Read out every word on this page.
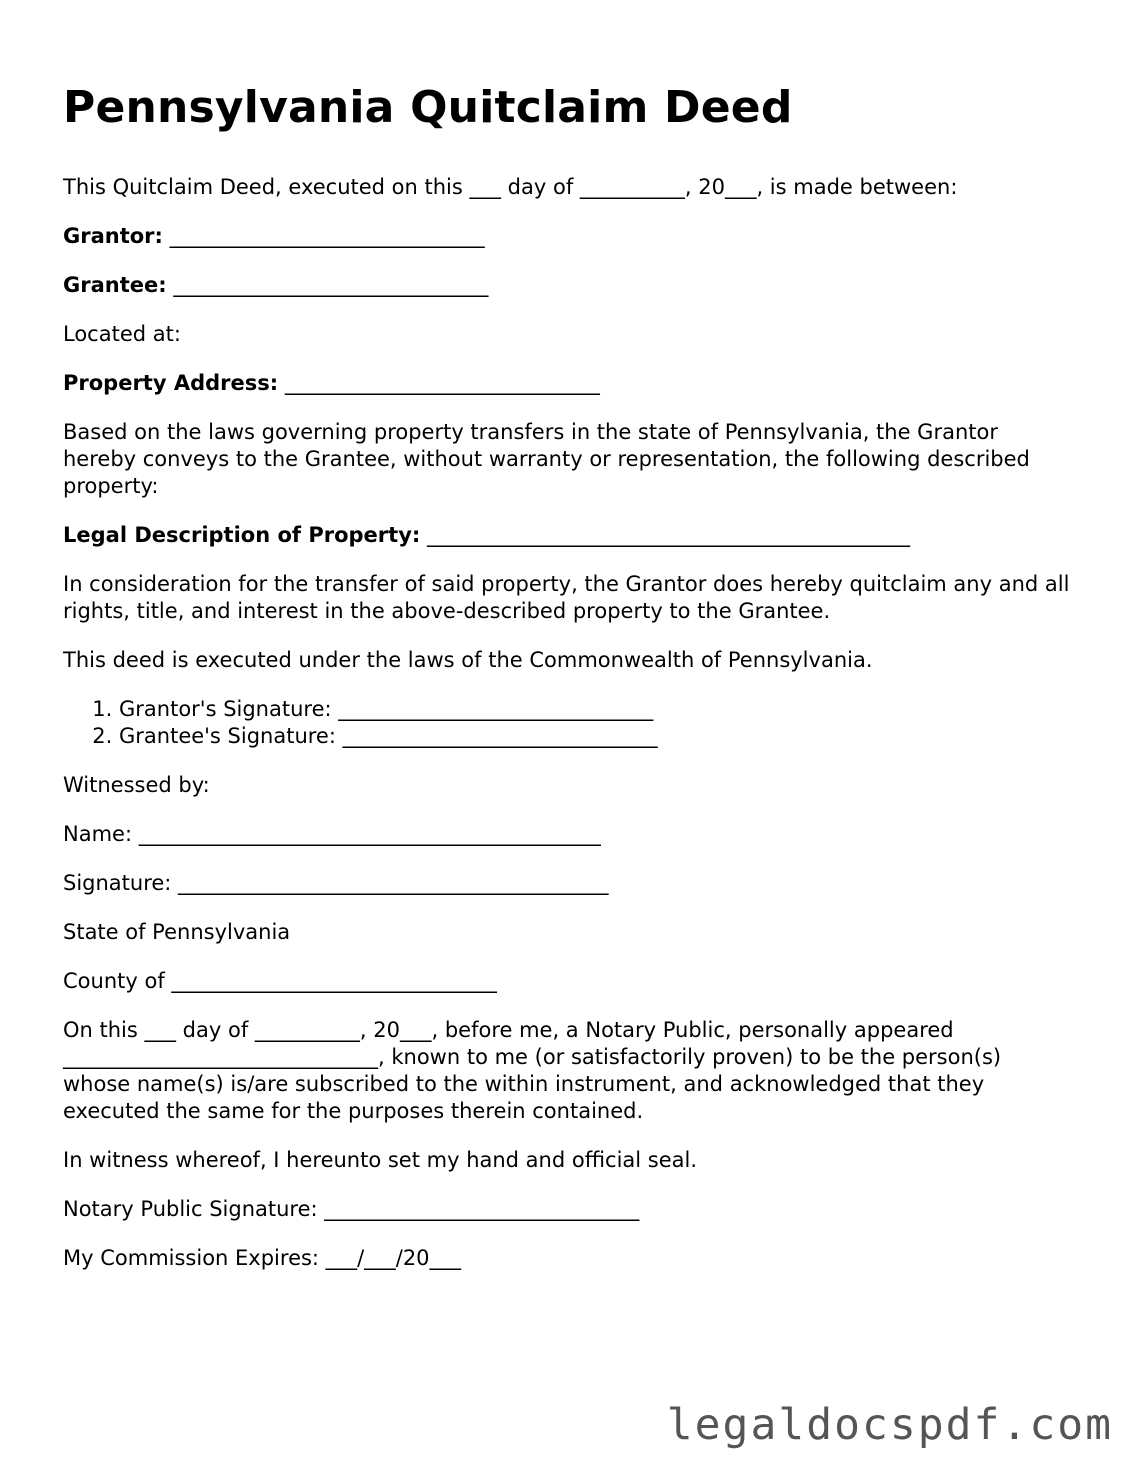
Pennsylvania Quitclaim Deed

This Quitclaim Deed, executed on this ___ day of __________, 20___, is made between:

Grantor: ______________________________

Grantee: ______________________________

Located at:

Property Address: ______________________________

Based on the laws governing property transfers in the state of Pennsylvania, the Grantor hereby conveys to the Grantee, without warranty or representation, the following described property:

Legal Description of Property: ______________________________________________

In consideration for the transfer of said property, the Grantor does hereby quitclaim any and all rights, title, and interest in the above-described property to the Grantee.

This deed is executed under the laws of the Commonwealth of Pennsylvania.

1. Grantor's Signature: ______________________________
2. Grantee's Signature: ______________________________

Witnessed by:

Name: ____________________________________________

Signature: _________________________________________

State of Pennsylvania

County of _______________________________

On this ___ day of __________, 20___, before me, a Notary Public, personally appeared ______________________________, known to me (or satisfactorily proven) to be the person(s) whose name(s) is/are subscribed to the within instrument, and acknowledged that they executed the same for the purposes therein contained.

In witness whereof, I hereunto set my hand and official seal.

Notary Public Signature: ______________________________

My Commission Expires: ___/___/20___

legaldocspdf.com
